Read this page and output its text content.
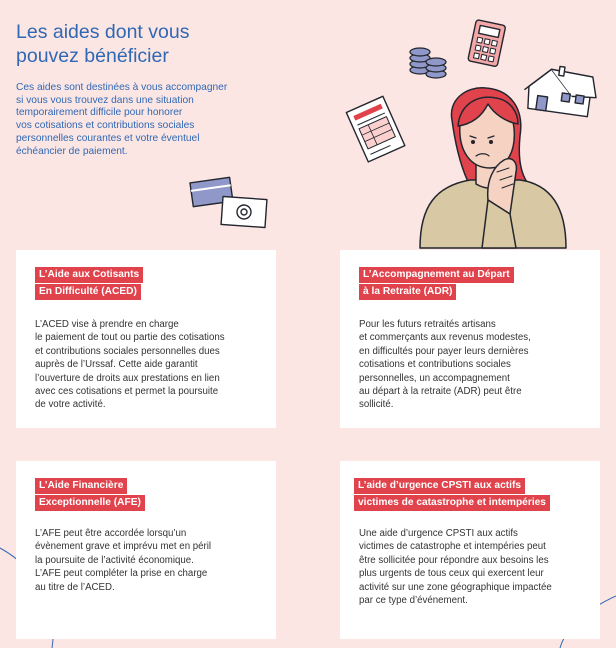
Les aides dont vous
pouvez bénéficier
Ces aides sont destinées à vous accompagner
si vous vous trouvez dans une situation
temporairement difficile pour honorer
vos cotisations et contributions sociales
personnelles courantes et votre éventuel
échéancier de paiement.
L’Aide aux Cotisants
En Difficulté (ACED)
L’ACED vise à prendre en charge
le paiement de tout ou partie des cotisations
et contributions sociales personnelles dues
auprès de l’Urssaf. Cette aide garantit
l’ouverture de droits aux prestations en lien
avec ces cotisations et permet la poursuite
de votre activité.
L’Accompagnement au Départ
à la Retraite (ADR)
Pour les futurs retraités artisans
et commerçants aux revenus modestes,
en difficultés pour payer leurs dernières
cotisations et contributions sociales
personnelles, un accompagnement
au départ à la retraite (ADR) peut être
sollicité.
L’Aide Financière
Exceptionnelle (AFE)
L’AFE peut être accordée lorsqu’un
évènement grave et imprévu met en péril
la poursuite de l’activité économique.
L’AFE peut compléter la prise en charge
au titre de l’ACED.
L’aide d’urgence CPSTI aux actifs
victimes de catastrophe et intempéries
Une aide d’urgence CPSTI aux actifs
victimes de catastrophe et intempéries peut
être sollicitée pour répondre aux besoins les
plus urgents de tous ceux qui exercent leur
activité sur une zone géographique impactée
par ce type d’événement.
